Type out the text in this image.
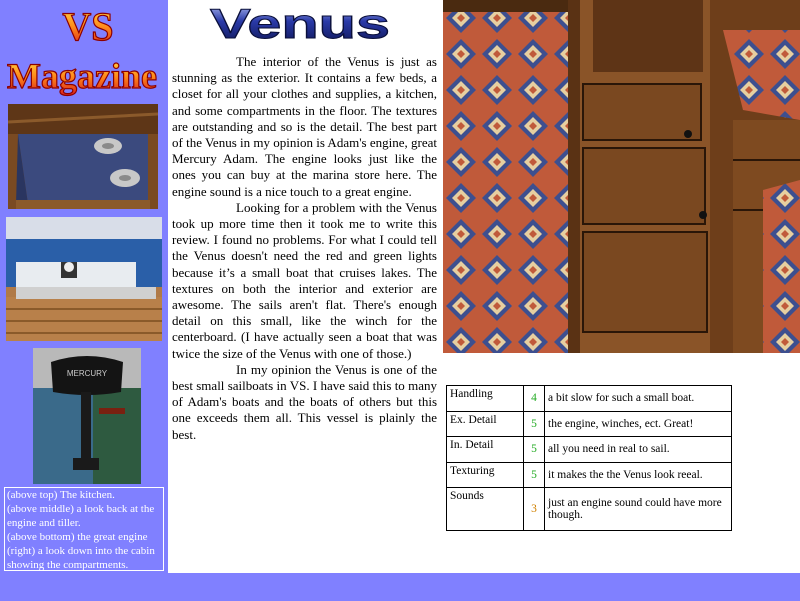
VS
Magazine
MERCURY
(above top) The kitchen.
(above middle) a look back at the engine and tiller.
(above bottom) the great engine
(right) a look down into the cabin showing the compartments.
Venus

The interior of the Venus is just as stunning as the exterior. It contains a few beds, a closet for all your clothes and supplies, a kitchen, and some compartments in the floor. The textures are outstanding and so is the detail. The best part of the Venus in my opinion is Adam's engine, great Mercury Adam. The engine looks just like the ones you can buy at the marina store here. The engine sound is a nice touch to a great engine.

Looking for a problem with the Venus took up more time then it took me to write this review. I found no problems. For what I could tell the Venus doesn't need the red and green lights because it’s a small boat that cruises lakes. The textures on both the interior and exterior are awesome. The sails aren't flat. There's enough detail on this small, like the winch for the centerboard. (I have actually seen a boat that was twice the size of the Venus with one of those.)

In my opinion the Venus is one of the best small sailboats in VS. I have said this to many of Adam's boats and the boats of others but this one exceeds them all. This vessel is plainly the best.

Handling	4	a bit slow for such a small boat.
Ex. Detail	5	the engine, winches, ect. Great!
In. Detail	5	all you need in real to sail.
Texturing	5	it makes the the Venus look reeal.
Sounds	3	just an engine sound could have more though.
